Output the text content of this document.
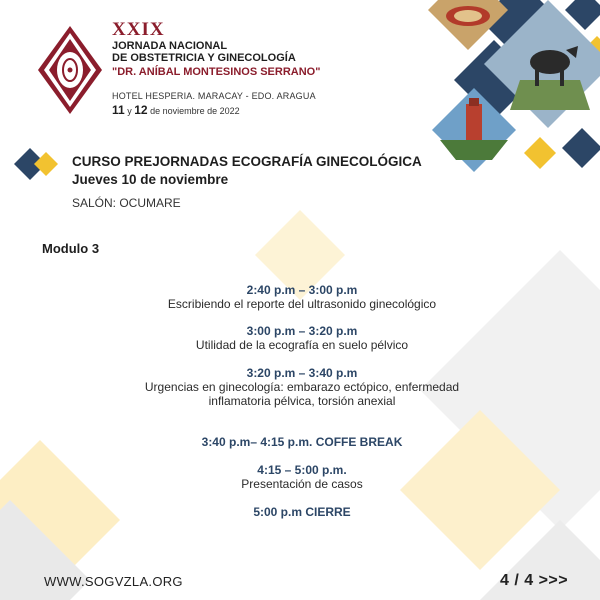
XXIX
JORNADA NACIONAL
DE OBSTETRICIA Y GINECOLOGÍA
"DR. ANÍBAL MONTESINOS SERRANO"
HOTEL HESPERIA. MARACAY - EDO. ARAGUA
11 y 12 de noviembre de 2022
CURSO PREJORNADAS ECOGRAFÍA GINECOLÓGICA
Jueves 10 de noviembre
SALÓN: OCUMARE
Modulo 3
2:40 p.m – 3:00 p.m
Escribiendo el reporte del ultrasonido ginecológico
3:00 p.m – 3:20 p.m
Utilidad de la ecografía en suelo pélvico
3:20 p.m – 3:40 p.m
Urgencias en ginecología: embarazo ectópico, enfermedad
inflamatoria pélvica, torsión anexial
3:40 p.m– 4:15 p.m. COFFE BREAK
4:15 – 5:00 p.m.
Presentación de casos
5:00 p.m CIERRE
WWW.SOGVZLA.ORG	4 / 4 >>>
